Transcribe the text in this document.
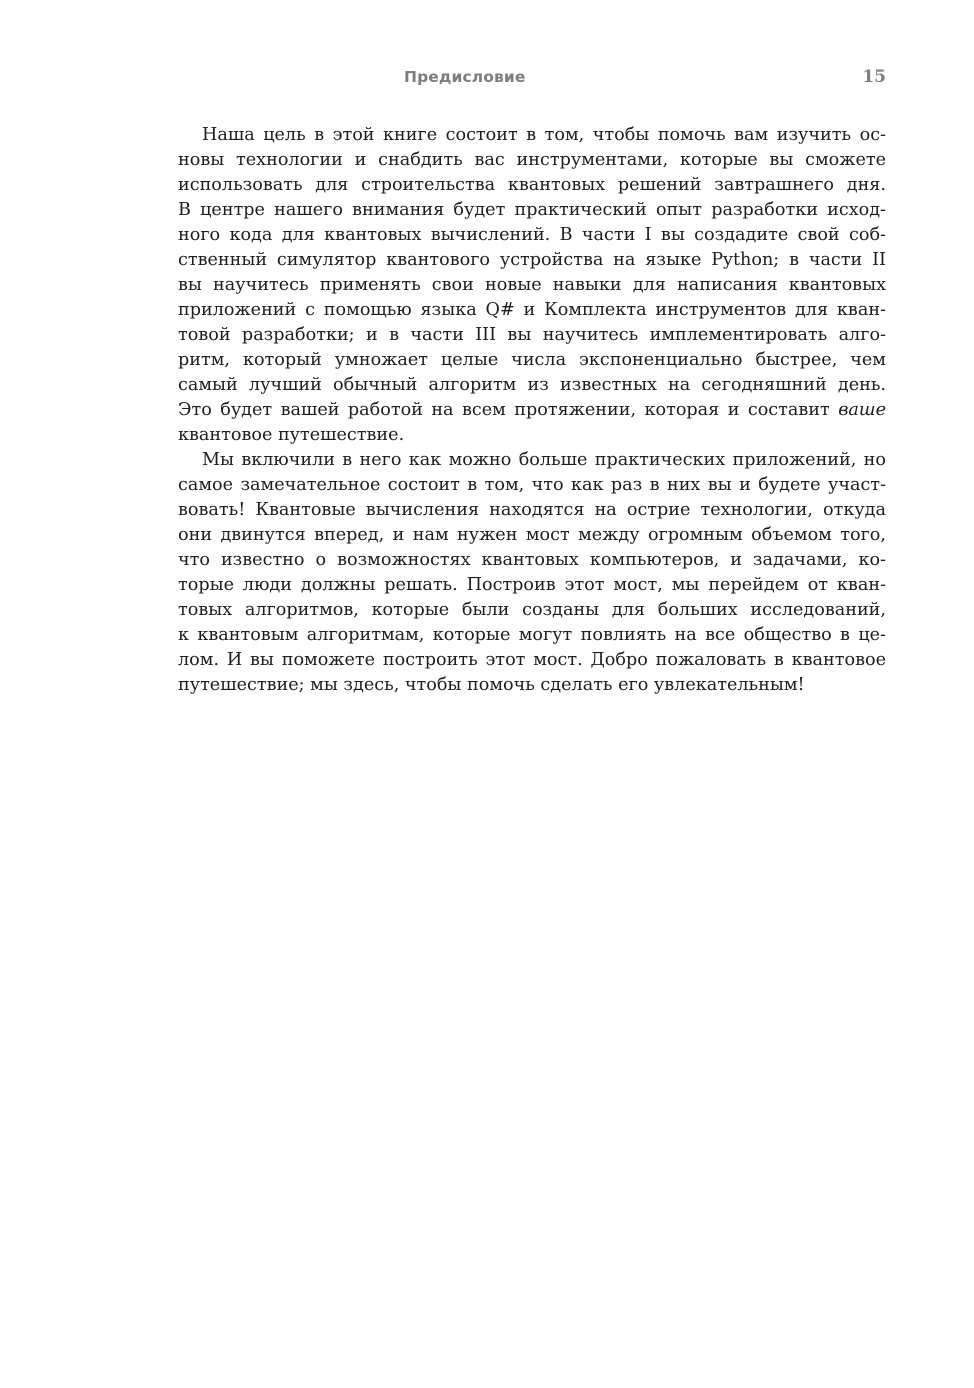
Предисловие	15

Наша цель в этой книге состоит в том, чтобы помочь вам изучить ос-
новы технологии и снабдить вас инструментами, которые вы сможете
использовать для строительства квантовых решений завтрашнего дня.
В центре нашего внимания будет практический опыт разработки исход-
ного кода для квантовых вычислений. В части I вы создадите свой соб-
ственный симулятор квантового устройства на языке Python; в части II
вы научитесь применять свои новые навыки для написания квантовых
приложений с помощью языка Q# и Комплекта инструментов для кван-
товой разработки; и в части III вы научитесь имплементировать алго-
ритм, который умножает целые числа экспоненциально быстрее, чем
самый лучший обычный алгоритм из известных на сегодняшний день.
Это будет вашей работой на всем протяжении, которая и составит ваше
квантовое путешествие.

Мы включили в него как можно больше практических приложений, но
самое замечательное состоит в том, что как раз в них вы и будете участ-
вовать! Квантовые вычисления находятся на острие технологии, откуда
они двинутся вперед, и нам нужен мост между огромным объемом того,
что известно о возможностях квантовых компьютеров, и задачами, ко-
торые люди должны решать. Построив этот мост, мы перейдем от кван-
товых алгоритмов, которые были созданы для больших исследований,
к квантовым алгоритмам, которые могут повлиять на все общество в це-
лом. И вы поможете построить этот мост. Добро пожаловать в квантовое
путешествие; мы здесь, чтобы помочь сделать его увлекательным!
